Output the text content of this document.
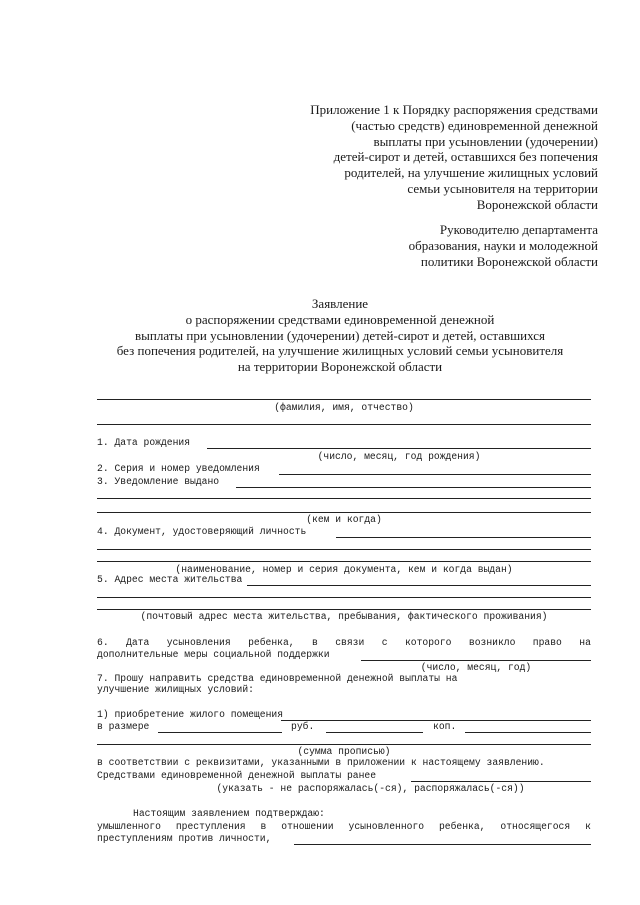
Приложение 1 к Порядку распоряжения средствами
(частью средств) единовременной денежной
выплаты при усыновлении (удочерении)
детей-сирот и детей, оставшихся без попечения
родителей, на улучшение жилищных условий
семьи усыновителя на территории
Воронежской области
Руководителю департамента
образования, науки и молодежной
политики Воронежской области
Заявление
о распоряжении средствами единовременной денежной
выплаты при усыновлении (удочерении) детей-сирот и детей, оставшихся
без попечения родителей, на улучшение жилищных условий семьи усыновителя
на территории Воронежской области
(фамилия, имя, отчество)
1. Дата рождения
(число, месяц, год рождения)
2. Серия и номер уведомления
3. Уведомление выдано
(кем и когда)
4. Документ, удостоверяющий личность
(наименование, номер и серия документа, кем и когда выдан)
5. Адрес места жительства
(почтовый адрес места жительства, пребывания, фактического проживания)
6. Дата усыновления ребенка, в связи с которого возникло право на
дополнительные меры социальной поддержки
(число, месяц, год)
7. Прошу направить средства единовременной денежной выплаты на
улучшение жилищных условий:
1) приобретение жилого помещения
в размере	руб.	коп.
(сумма прописью)
в соответствии с реквизитами, указанными в приложении к настоящему заявлению.
Средствами единовременной денежной выплаты ранее
(указать - не распоряжалась(-ся), распоряжалась(-ся))
Настоящим заявлением подтверждаю:
умышленного преступления в отношении усыновленного ребенка, относящегося к
преступлениям против личности,
